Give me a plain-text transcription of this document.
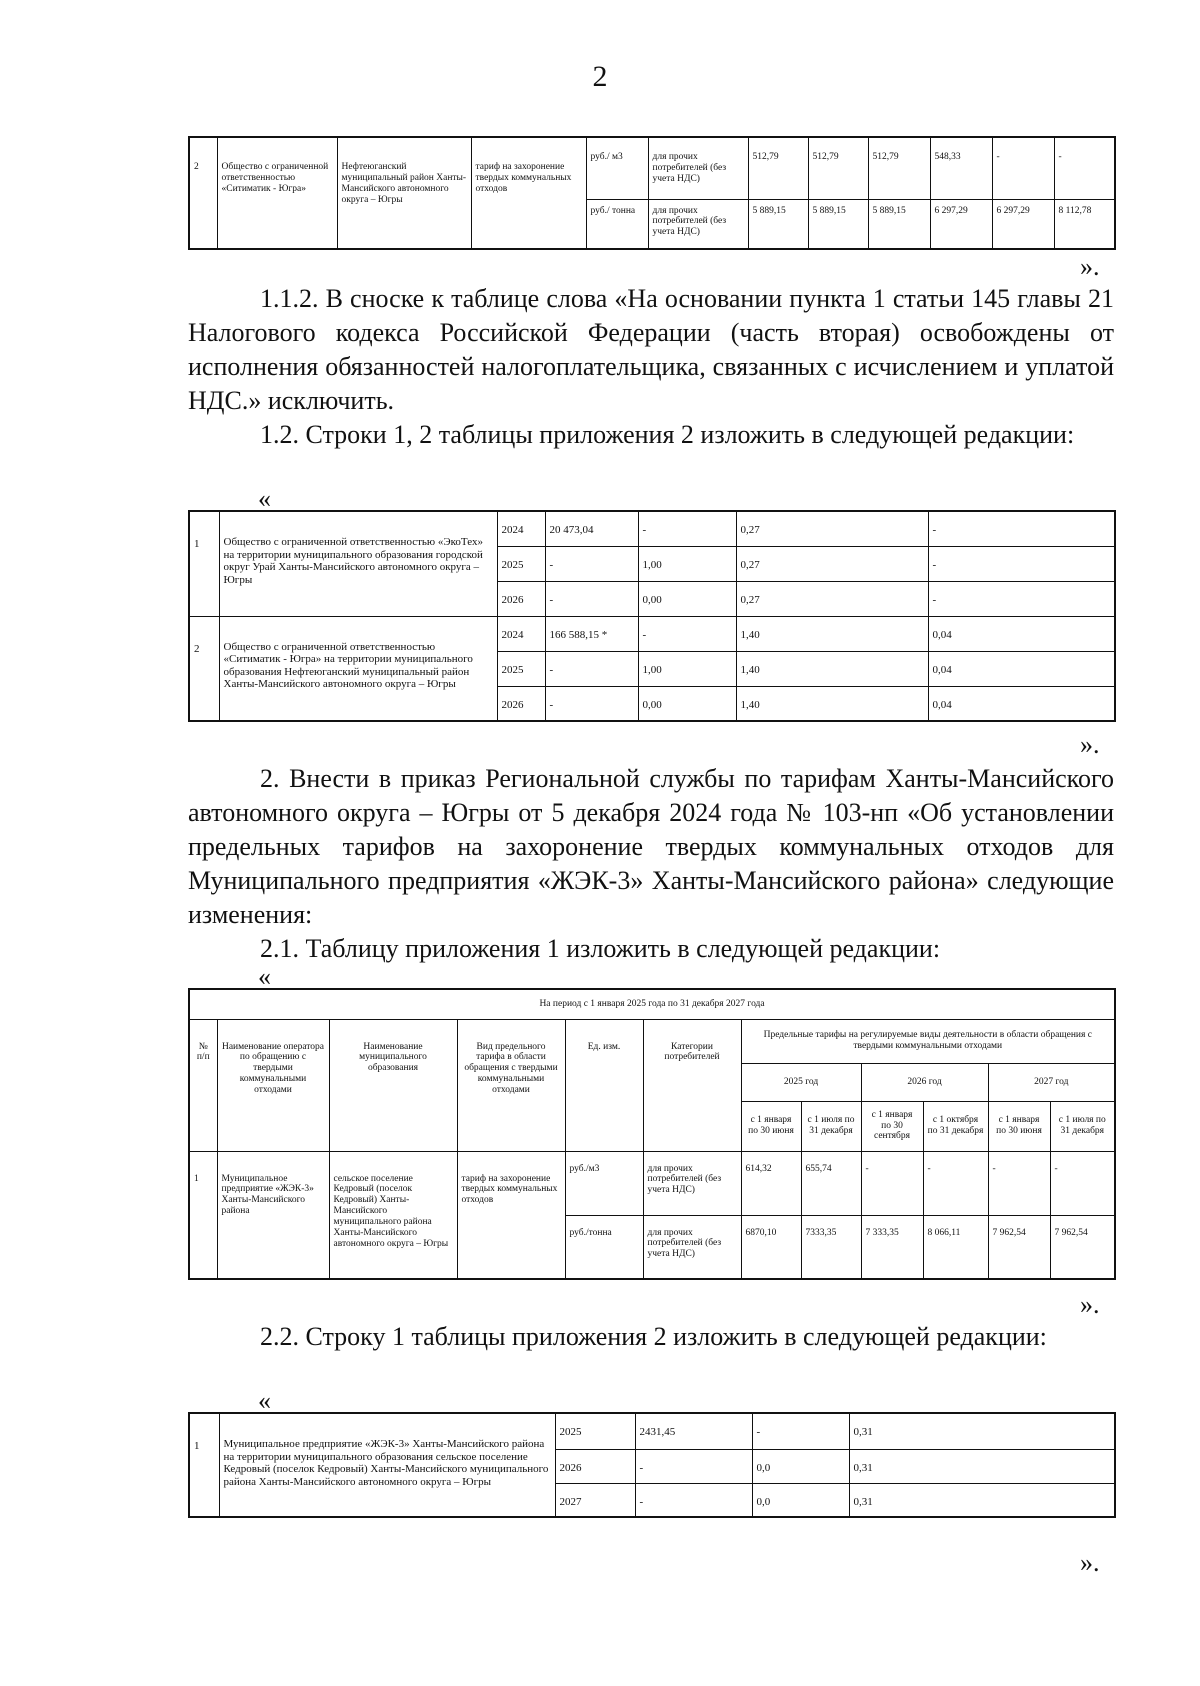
2
2	Общество с ограниченной ответственностью «Ситиматик - Югра»	Нефтеюганский муниципальный район Ханты-Мансийского автономного округа – Югры	тариф на захоронение твердых коммунальных отходов	руб./ м3	для прочих потребителей (без учета НДС)	512,79	512,79	512,79	548,33	-	-
				руб./ тонна	для прочих потребителей (без учета НДС)	5 889,15	5 889,15	5 889,15	6 297,29	6 297,29	8 112,78
».

1.1.2. В сноске к таблице слова «На основании пункта 1 статьи 145 главы 21 Налогового кодекса Российской Федерации (часть вторая) освобождены от исполнения обязанностей налогоплательщика, связанных с исчислением и уплатой НДС.» исключить.

1.2. Строки 1, 2 таблицы приложения 2 изложить в следующей редакции:

«
1	Общество с ограниченной ответственностью «ЭкоТех» на территории муниципального образования городской округ Урай Ханты-Мансийского автономного округа – Югры	2024	20 473,04	-	0,27	-
		2025	-	1,00	0,27	-
		2026	-	0,00	0,27	-
2	Общество с ограниченной ответственностью «Ситиматик - Югра» на территории муниципального образования Нефтеюганский муниципальный район Ханты-Мансийского автономного округа – Югры	2024	166 588,15 *	-	1,40	0,04
		2025	-	1,00	1,40	0,04
		2026	-	0,00	1,40	0,04
».

2. Внести в приказ Региональной службы по тарифам Ханты-Мансийского автономного округа – Югры от 5 декабря 2024 года № 103-нп «Об установлении предельных тарифов на захоронение твердых коммунальных отходов для Муниципального предприятия «ЖЭК-3» Ханты-Мансийского района» следующие изменения:

2.1. Таблицу приложения 1 изложить в следующей редакции:

«
На период с 1 января 2025 года по 31 декабря 2027 года											
№ п/п	Наименование оператора по обращению с твердыми коммунальными отходами	Наименование муниципального образования	Вид предельного тарифа в области обращения с твердыми коммунальными отходами	Ед. изм.	Категории потребителей	Предельные тарифы на регулируемые виды деятельности в области обращения с твердыми коммунальными отходами					
						2025 год		2026 год		2027 год	
						с 1 января по 30 июня	с 1 июля по 31 декабря	с 1 января по 30 сентября	с 1 октября по 31 декабря	с 1 января по 30 июня	с 1 июля по 31 декабря
1	Муниципальное предприятие «ЖЭК-3» Ханты-Мансийского района	сельское поселение Кедровый (поселок Кедровый) Ханты-Мансийского муниципального района Ханты-Мансийского автономного округа – Югры	тариф на захоронение твердых коммунальных отходов	руб./м3	для прочих потребителей (без учета НДС)	614,32	655,74	-	-	-	-
				руб./тонна	для прочих потребителей (без учета НДС)	6870,10	7333,35	7 333,35	8 066,11	7 962,54	7 962,54
».

2.2. Строку 1 таблицы приложения 2 изложить в следующей редакции:

«
1	Муниципальное предприятие «ЖЭК-3» Ханты-Мансийского района на территории муниципального образования сельское поселение Кедровый (поселок Кедровый) Ханты-Мансийского муниципального района Ханты-Мансийского автономного округа – Югры	2025	2431,45	-	0,31
		2026	-	0,0	0,31
		2027	-	0,0	0,31
».
